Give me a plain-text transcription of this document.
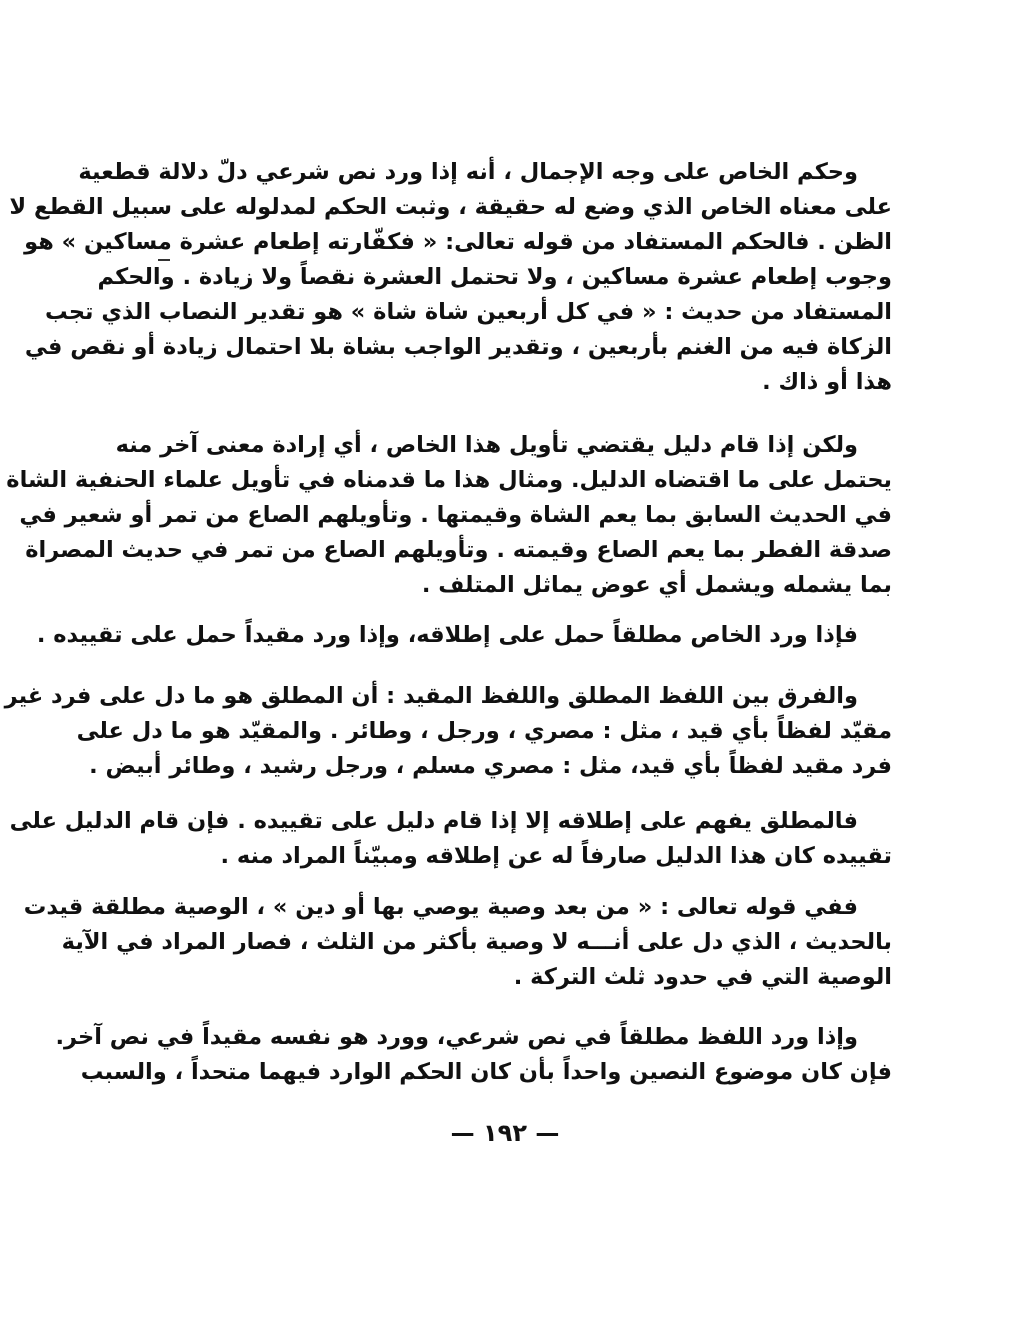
وحكم الخاص على وجه الإجمال ، أنه إذا ورد نص شرعي دلّ دلالة قطعية
على معناه الخاص الذي وضع له حقيقة ، وثبت الحكم لمدلوله على سبيل القطع لا
الظن . فالحكم المستفاد من قوله تعالى: « فكفّارته إطعام عشرة مساكين » هو
وجوب إطعام عشرة مساكين ، ولا تحتمل العشرة نقصاً ولا زيادة . والحكم
المستفاد من حديث : « في كل أربعين شاة شاة » هو تقدير النصاب الذي تجب
الزكاة فيه من الغنم بأربعين ، وتقدير الواجب بشاة بلا احتمال زيادة أو نقص في
هذا أو ذاك .

ولكن إذا قام دليل يقتضي تأويل هذا الخاص ، أي إرادة معنى آخر منه
يحتمل على ما اقتضاه الدليل. ومثال هذا ما قدمناه في تأويل علماء الحنفية الشاة
في الحديث السابق بما يعم الشاة وقيمتها . وتأويلهم الصاع من تمر أو شعير في
صدقة الفطر بما يعم الصاع وقيمته . وتأويلهم الصاع من تمر في حديث المصراة
بما يشمله ويشمل أي عوض يماثل المتلف .

فإذا ورد الخاص مطلقاً حمل على إطلاقه، وإذا ورد مقيداً حمل على تقييده .

والفرق بين اللفظ المطلق واللفظ المقيد : أن المطلق هو ما دل على فرد غير
مقيّد لفظاً بأي قيد ، مثل : مصري ، ورجل ، وطائر . والمقيّد هو ما دل على
فرد مقيد لفظاً بأي قيد، مثل : مصري مسلم ، ورجل رشيد ، وطائر أبيض .

فالمطلق يفهم على إطلاقه إلا إذا قام دليل على تقييده . فإن قام الدليل على
تقييده كان هذا الدليل صارفاً له عن إطلاقه ومبيّناً المراد منه .

ففي قوله تعالى : « من بعد وصية يوصي بها أو دين » ، الوصية مطلقة قيدت
بالحديث ، الذي دل على أنـــه لا وصية بأكثر من الثلث ، فصار المراد في الآية
الوصية التي في حدود ثلث التركة .

وإذا ورد اللفظ مطلقاً في نص شرعي، وورد هو نفسه مقيداً في نص آخر.
فإن كان موضوع النصين واحداً بأن كان الحكم الوارد فيهما متحداً ، والسبب

— ١٩٢ —
